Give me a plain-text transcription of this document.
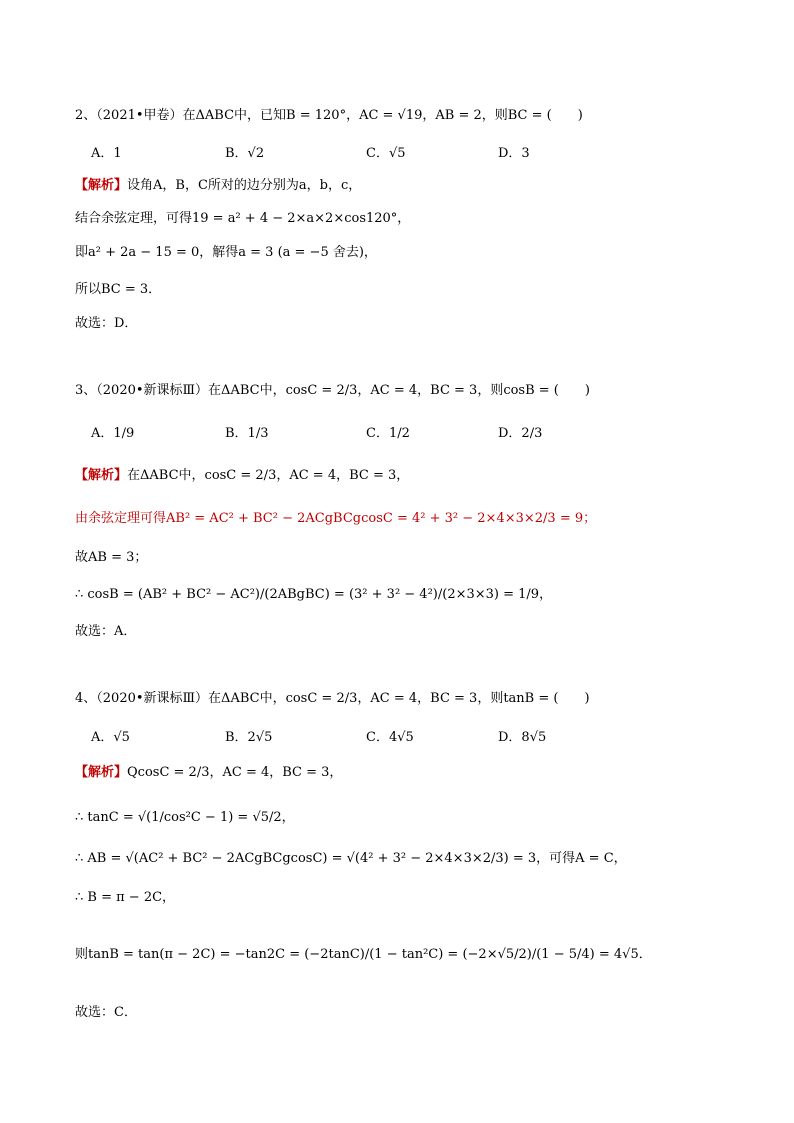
2、（2021•甲卷）在ΔABC中，已知B = 120°，AC = √19，AB = 2，则BC = (　　)
A．1	B．√2	C．√5	D．3
【解析】设角A，B，C所对的边分别为a，b，c，
结合余弦定理，可得19 = a² + 4 − 2×a×2×cos120°，
即a² + 2a − 15 = 0，解得a = 3 (a = −5 舍去)，
所以BC = 3．
故选：D．
3、（2020•新课标Ⅲ）在ΔABC中，cosC = 2/3，AC = 4，BC = 3，则cosB = (　　)
A．1/9	B．1/3	C．1/2	D．2/3
【解析】在ΔABC中，cosC = 2/3，AC = 4，BC = 3，
由余弦定理可得AB² = AC² + BC² − 2ACgBCgcosC = 4² + 3² − 2×4×3×2/3 = 9；
故AB = 3；
∴ cosB = (AB² + BC² − AC²)/(2ABgBC) = (3² + 3² − 4²)/(2×3×3) = 1/9，
故选：A．
4、（2020•新课标Ⅲ）在ΔABC中，cosC = 2/3，AC = 4，BC = 3，则tanB = (　　)
A．√5	B．2√5	C．4√5	D．8√5
【解析】QcosC = 2/3，AC = 4，BC = 3，
∴ tanC = √(1/cos²C − 1) = √5/2，
∴ AB = √(AC² + BC² − 2ACgBCgcosC) = √(4² + 3² − 2×4×3×2/3) = 3，可得A = C，
∴ B = π − 2C，
则tanB = tan(π − 2C) = −tan2C = (−2tanC)/(1 − tan²C) = (−2×√5/2)/(1 − 5/4) = 4√5．
故选：C．
